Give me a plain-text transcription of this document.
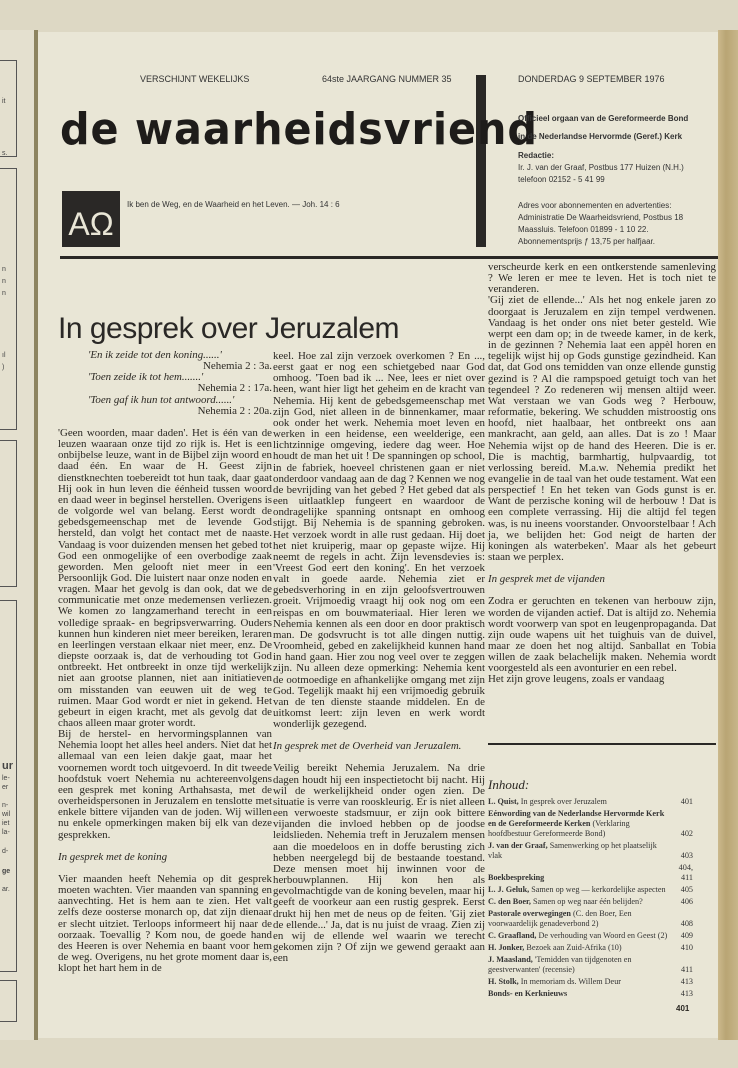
it
s.
n
n
n
ıl
)
ur
le-
er
n-
wil
iet
la-
d-
ge
ar.
VERSCHIJNT WEKELIJKS	64ste JAARGANG NUMMER 35	DONDERDAG 9 SEPTEMBER 1976
de waarheidsvriend
AΩ
Ik ben de Weg, en de Waarheid en het Leven. — Joh. 14 : 6
Officieel orgaan van de Gereformeerde Bond
in de Nederlandse Hervormde (Geref.) Kerk
Redactie:
Ir. J. van der Graaf, Postbus 177 Huizen (N.H.)
telefoon 02152 - 5 41 99
Adres voor abonnementen en advertenties:
Administratie De Waarheidsvriend, Postbus 18
Maassluis. Telefoon 01899 - 1 10 22.
Abonnementsprijs ƒ 13,75 per halfjaar.
In gesprek over Jeruzalem

'En ik zeide tot den koning......'

Nehemia 2 : 3a.

'Toen zeide ik tot hem.......'

Nehemia 2 : 17a.

'Toen gaf ik hun tot antwoord......'

Nehemia 2 : 20a.

'Geen woorden, maar daden'. Het is één van de leuzen waaraan onze tijd zo rijk is. Het is een onbijbelse leuze, want in de Bijbel zijn woord en daad één. En waar de H. Geest zijn dienstknechten toebereidt tot hun taak, daar gaat Hij ook in hun leven die éénheid tussen woord en daad weer in beginsel herstellen. Overigens is de volgorde wel van belang. Eerst wordt de gebedsgemeenschap met de levende God hersteld, dan volgt het contact met de naaste. Vandaag is voor duizenden mensen het gebed tot God een onmogelijke of een overbodige zaak geworden. Men gelooft niet meer in een Persoonlijk God. Die luistert naar onze noden en vragen. Maar het gevolg is dan ook, dat we de communicatie met onze medemensen verliezen. We komen zo langzamerhand terecht in een volledige spraak- en begripsverwarring. Ouders kunnen hun kinderen niet meer bereiken, leraren en leerlingen verstaan elkaar niet meer, enz. De diepste oorzaak is, dat de verhouding tot God ontbreekt. Het ontbreekt in onze tijd werkelijk niet aan grootse plannen, niet aan initiatieven om misstanden van eeuwen uit de weg te ruimen. Maar God wordt er niet in gekend. Het gebeurt in eigen kracht, met als gevolg dat de chaos alleen maar groter wordt.

Bij de herstel- en hervormingsplannen van Nehemia loopt het alles heel anders. Niet dat het allemaal van een leien dakje gaat, maar het voornemen wordt toch uitgevoerd. In dit tweede hoofdstuk voert Nehemia nu achtereenvolgens een gesprek met koning Arthahsasta, met de overheidspersonen in Jeruzalem en tenslotte met enkele bittere vijanden van de joden. Wij willen nu enkele opmerkingen maken bij elk van deze gesprekken.

In gesprek met de koning

Vier maanden heeft Nehemia op dit gesprek moeten wachten. Vier maanden van spanning en aanvechting. Het is hem aan te zien. Het valt zelfs deze oosterse monarch op, dat zijn dienaar er slecht uitziet. Terloops informeert hij naar de oorzaak. Toevallig ? Kom nou, de goede hand des Heeren is over Nehemia en baant voor hem de weg. Overigens, nu het grote moment daar is, klopt het hart hem in de

keel. Hoe zal zijn verzoek overkomen ? En ..., eerst gaat er nog een schietgebed naar God omhoog. 'Toen bad ik ... Nee, lees er niet over heen, want hier ligt het geheim en de kracht van Nehemia. Hij kent de gebedsgemeenschap met zijn God, niet alleen in de binnenkamer, maar ook onder het werk. Nehemia moet leven en werken in een heidense, een weelderige, een lichtzinnige omgeving, iedere dag weer. Hoe houdt de man het uit ! De spanningen op school, in de fabriek, hoeveel christenen gaan er niet onderdoor vandaag aan de dag ? Kennen we nog de bevrijding van het gebed ? Het gebed dat als een uitlaatklep fungeert en waardoor de ondragelijke spanning ontsnapt en omhoog stijgt. Bij Nehemia is de spanning gebroken. Het verzoek wordt in alle rust gedaan. Hij doet het niet kruiperig, maar op gepaste wijze. Hij neemt de regels in acht. Zijn levensdevies is: 'Vreest God eert den koning'. En het verzoek valt in goede aarde. Nehemia ziet er gebedsverhoring in en zijn geloofsvertrouwen groeit. Vrijmoedig vraagt hij ook nog om een reispas en om bouwmateriaal. Hier leren we Nehemia kennen als een door en door praktisch man. De godsvrucht is tot alle dingen nuttig. Vroomheid, gebed en zakelijkheid kunnen hand in hand gaan. Hier zou nog veel over te zeggen zijn. Nu alleen deze opmerking: Nehemia kent de ootmoedige en afhankelijke omgang met zijn God. Tegelijk maakt hij een vrijmoedig gebruik van de ten dienste staande middelen. En de uitkomst leert: zijn leven en werk wordt wonderlijk gezegend.

In gesprek met de Overheid van Jeruzalem.

Veilig bereikt Nehemia Jeruzalem. Na drie dagen houdt hij een inspectietocht bij nacht. Hij wil de werkelijkheid onder ogen zien. De situatie is verre van rooskleurig. Er is niet alleen een verwoeste stadsmuur, er zijn ook bittere vijanden die invloed hebben op de joodse leidslieden. Nehemia treft in Jeruzalem mensen aan die moedeloos en in doffe berusting zich hebben neergelegd bij de bestaande toestand. Deze mensen moet hij inwinnen voor de herbouwplannen. Hij kon hen als gevolmachtigde van de koning bevelen, maar hij geeft de voorkeur aan een rustig gesprek. Eerst drukt hij hen met de neus op de feiten. 'Gij ziet de ellende...' Ja, dat is nu juist de vraag. Zien zij en wij de ellende wel waarin we terecht gekomen zijn ? Of zijn we gewend geraakt aan een

verscheurde kerk en een ontkerstende samenleving ? We leren er mee te leven. Het is toch niet te veranderen.

'Gij ziet de ellende...' Als het nog enkele jaren zo doorgaat is Jeruzalem en zijn tempel verdwenen. Vandaag is het onder ons niet beter gesteld. Wie werpt een dam op; in de tweede kamer, in de kerk, in de gezinnen ? Nehemia laat een appèl horen en tegelijk wijst hij op Gods gunstige gezindheid. Kan dat, dat God ons temidden van onze ellende gunstig gezind is ? Al die rampspoed getuigt toch van het tegendeel ? Zo redeneren wij mensen altijd weer. Wat verstaan we van Gods weg ? Herbouw, reformatie, bekering. We schudden mistroostig ons hoofd, niet haalbaar, het ontbreekt ons aan mankracht, aan geld, aan alles. Dat is zo ! Maar Nehemia wijst op de hand des Heeren. Die is er. Die is machtig, barmhartig, hulpvaardig, tot verlossing bereid. M.a.w. Nehemia predikt het evangelie in de taal van het oude testament. Wat een perspectief ! En het teken van Gods gunst is er. Want de perzische koning wil de herbouw ! Dat is een complete verrassing. Hij die altijd fel tegen was, is nu ineens voorstander. Onvoorstelbaar ! Ach ja, we belijden het: God neigt de harten der koningen als waterbeken'. Maar als het gebeurt staan we perplex.

In gesprek met de vijanden

Zodra er geruchten en tekenen van herbouw zijn, worden de vijanden actief. Dat is altijd zo. Nehemia wordt voorwerp van spot en leugenpropaganda. Dat zijn oude wapens uit het tuighuis van de duivel, maar ze doen het nog altijd. Sanballat en Tobia willen de zaak belachelijk maken. Nehemia wordt voorgesteld als een avonturier en een rebel.

Het zijn grove leugens, zoals er vandaag

Inhoud:
L. Quist, In gesprek over Jeruzalem	401
Eénwording van de Nederlandse Hervormde Kerk en de Gereformeerde Kerken (Verklaring hoofdbestuur Gereformeerde Bond)	402
J. van der Graaf, Samenwerking op het plaatselijk vlak	403
Boekbespreking
404, 411
L. J. Geluk, Samen op weg — kerkordelijke aspecten	405
C. den Boer, Samen op weg naar één belijden?	406
Pastorale overwegingen (C. den Boer, Een voorwaardelijk genadeverbond 2)	408
C. Graafland, De verhouding van Woord en Geest (2)	409
H. Jonker, Bezoek aan Zuid-Afrika (10)	410
J. Maasland, 'Temidden van tijdgenoten en geestverwanten' (recensie)	411
H. Stolk, In memoriam ds. Willem Deur	413
Bonds- en Kerknieuws	413
401
